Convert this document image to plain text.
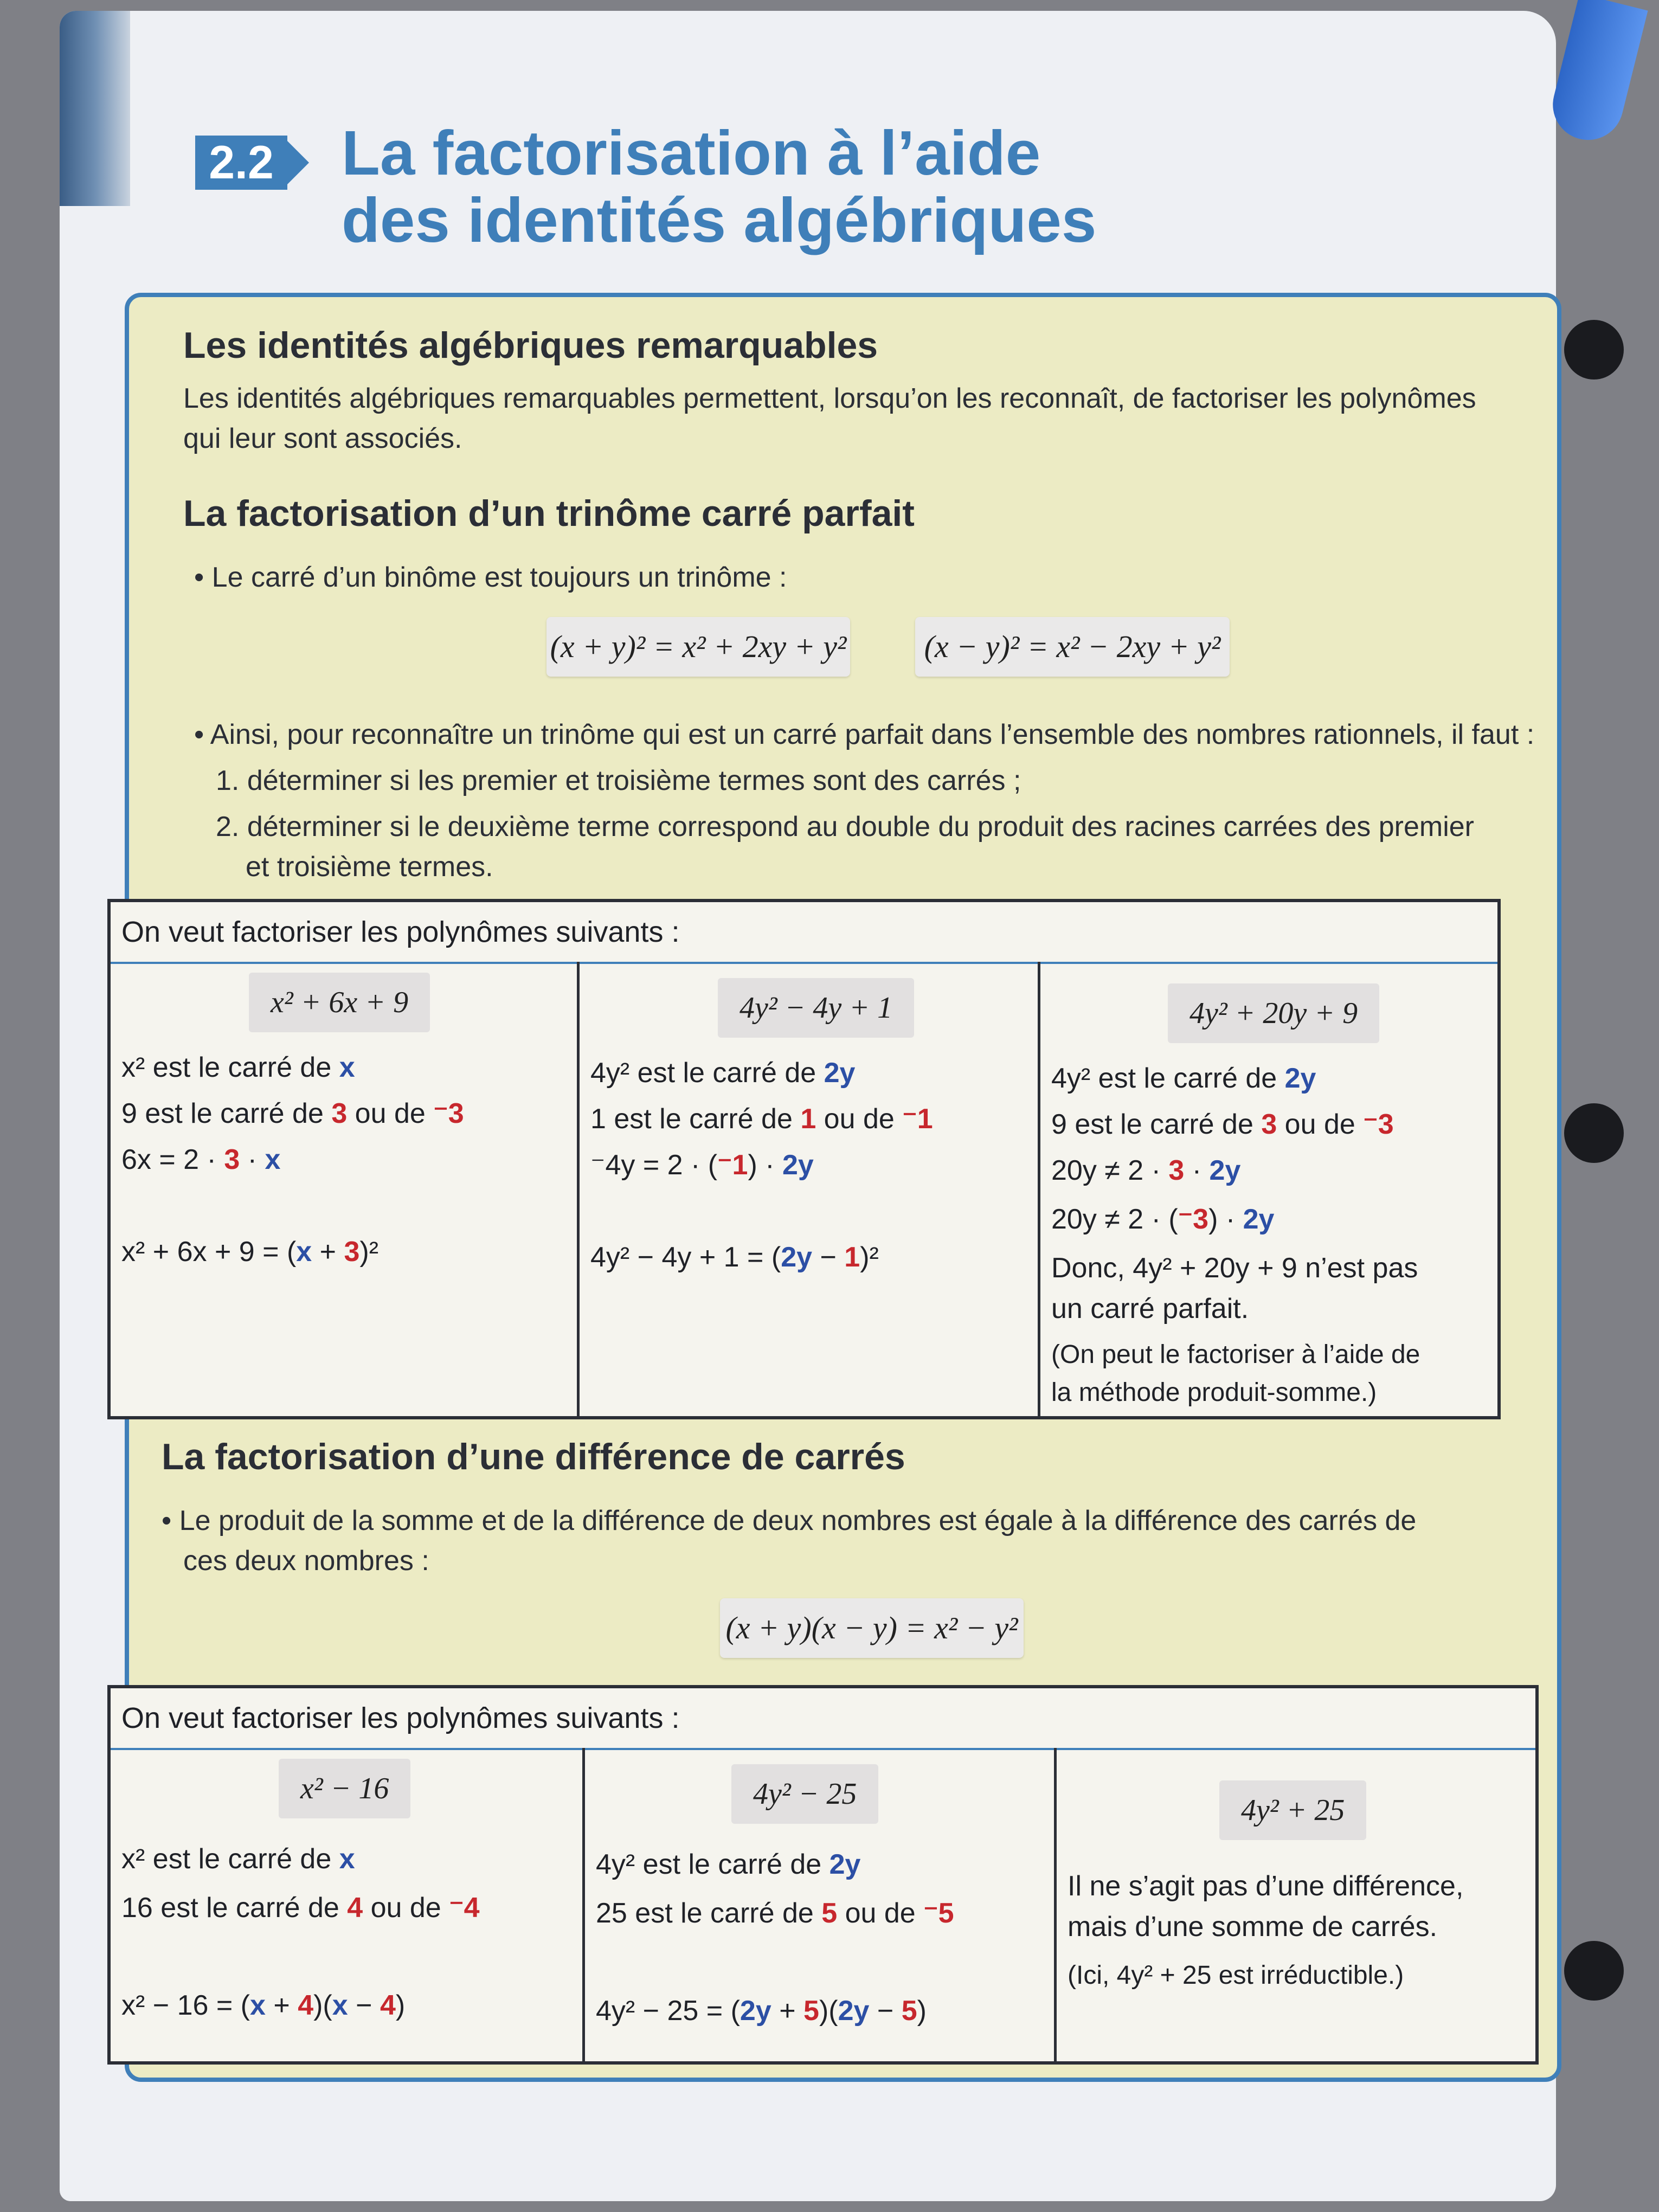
2.2 La factorisation à l’aide
des identités algébriques
Les identités algébriques remarquables
Les identités algébriques remarquables permettent, lorsqu’on les reconnaît, de factoriser les polynômes
qui leur sont associés.
La factorisation d’un trinôme carré parfait
• Le carré d’un binôme est toujours un trinôme :
(x + y)² = x² + 2xy + y² (x − y)² = x² − 2xy + y²
• Ainsi, pour reconnaître un trinôme qui est un carré parfait dans l’ensemble des nombres rationnels, il faut :
1. déterminer si les premier et troisième termes sont des carrés ;
2. déterminer si le deuxième terme correspond au double du produit des racines carrées des premier
et troisième termes.
On veut factoriser les polynômes suivants :
x² + 6x + 9
x² est le carré de x
9 est le carré de 3 ou de ⁻3
6x = 2 · 3 · x
x² + 6x + 9 = (x + 3)²
4y² − 4y + 1
4y² est le carré de 2y
1 est le carré de 1 ou de ⁻1
⁻4y = 2 · (⁻1) · 2y
4y² − 4y + 1 = (2y − 1)²
4y² + 20y + 9
4y² est le carré de 2y
9 est le carré de 3 ou de ⁻3
20y ≠ 2 · 3 · 2y
20y ≠ 2 · (⁻3) · 2y
Donc, 4y² + 20y + 9 n’est pas
un carré parfait.
(On peut le factoriser à l’aide de
la méthode produit-somme.)
La factorisation d’une différence de carrés
• Le produit de la somme et de la différence de deux nombres est égale à la différence des carrés de
ces deux nombres :
(x + y)(x − y) = x² − y²
On veut factoriser les polynômes suivants :
x² − 16
x² est le carré de x
16 est le carré de 4 ou de ⁻4
x² − 16 = (x + 4)(x − 4)
4y² − 25
4y² est le carré de 2y
25 est le carré de 5 ou de ⁻5
4y² − 25 = (2y + 5)(2y − 5)
4y² + 25
Il ne s’agit pas d’une différence,
mais d’une somme de carrés.
(Ici, 4y² + 25 est irréductible.)
